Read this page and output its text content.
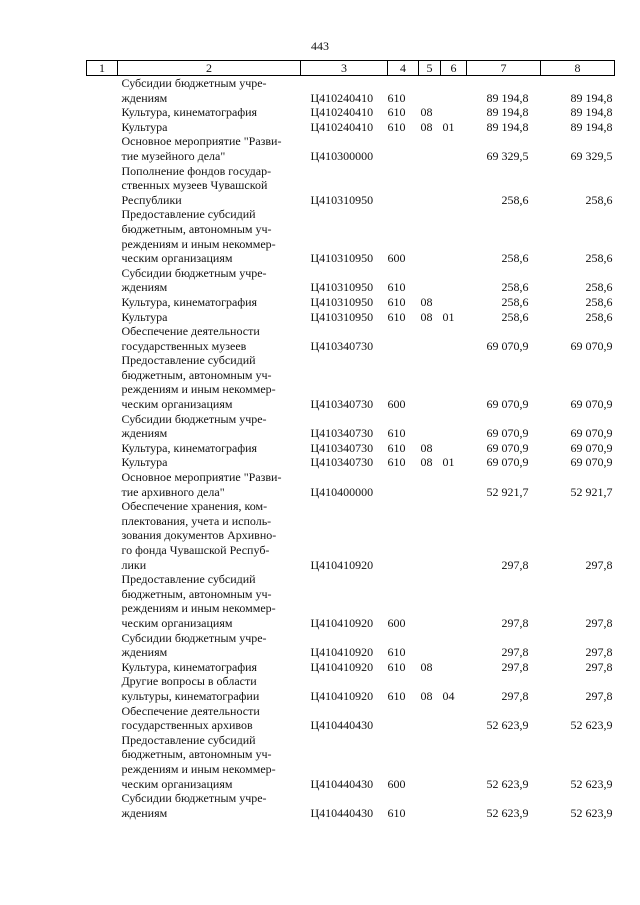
443
1	2	3	4	5	6	7	8
	Субсидии бюджетным учре-
ждениям	Ц410240410	610			89 194,8	89 194,8
	Культура, кинематография	Ц410240410	610	08		89 194,8	89 194,8
	Культура	Ц410240410	610	08	01	89 194,8	89 194,8
	Основное мероприятие "Разви-
тие музейного дела"	Ц410300000				69 329,5	69 329,5
	Пополнение фондов государ-
ственных музеев Чувашской
Республики	Ц410310950				258,6	258,6
	Предоставление субсидий
бюджетным, автономным уч-
реждениям и иным некоммер-
ческим организациям	Ц410310950	600			258,6	258,6
	Субсидии бюджетным учре-
ждениям	Ц410310950	610			258,6	258,6
	Культура, кинематография	Ц410310950	610	08		258,6	258,6
	Культура	Ц410310950	610	08	01	258,6	258,6
	Обеспечение деятельности
государственных музеев	Ц410340730				69 070,9	69 070,9
	Предоставление субсидий
бюджетным, автономным уч-
реждениям и иным некоммер-
ческим организациям	Ц410340730	600			69 070,9	69 070,9
	Субсидии бюджетным учре-
ждениям	Ц410340730	610			69 070,9	69 070,9
	Культура, кинематография	Ц410340730	610	08		69 070,9	69 070,9
	Культура	Ц410340730	610	08	01	69 070,9	69 070,9
	Основное мероприятие "Разви-
тие архивного дела"	Ц410400000				52 921,7	52 921,7
	Обеспечение хранения, ком-
плектования, учета и исполь-
зования документов Архивно-
го фонда Чувашской Респуб-
лики	Ц410410920				297,8	297,8
	Предоставление субсидий
бюджетным, автономным уч-
реждениям и иным некоммер-
ческим организациям	Ц410410920	600			297,8	297,8
	Субсидии бюджетным учре-
ждениям	Ц410410920	610			297,8	297,8
	Культура, кинематография	Ц410410920	610	08		297,8	297,8
	Другие вопросы в области
культуры, кинематографии	Ц410410920	610	08	04	297,8	297,8
	Обеспечение деятельности
государственных архивов	Ц410440430				52 623,9	52 623,9
	Предоставление субсидий
бюджетным, автономным уч-
реждениям и иным некоммер-
ческим организациям	Ц410440430	600			52 623,9	52 623,9
	Субсидии бюджетным учре-
ждениям	Ц410440430	610			52 623,9	52 623,9
